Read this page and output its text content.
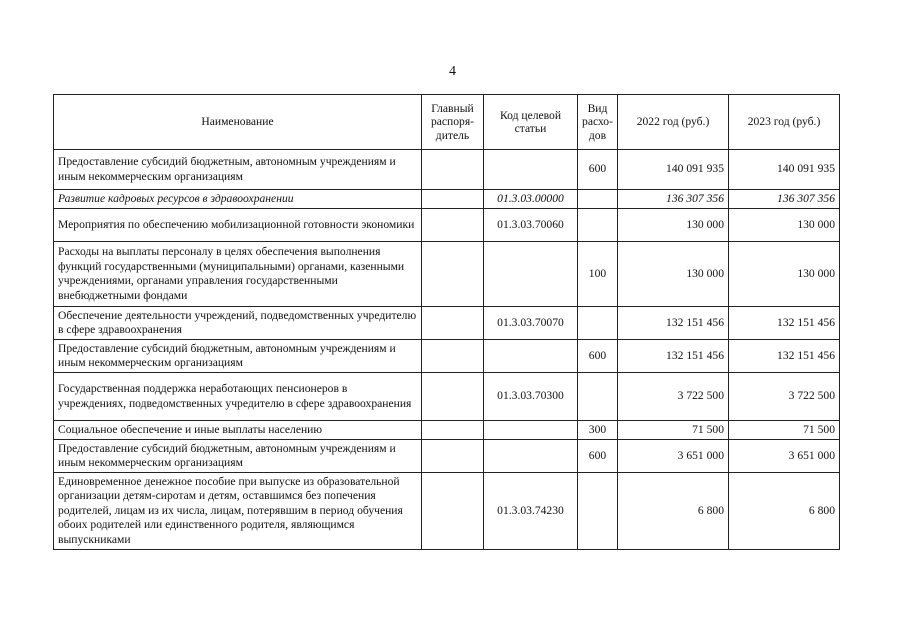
4
Наименование	Главный распоря-дитель	Код целевой статьи	Вид расхо-дов	2022 год (руб.)	2023 год (руб.)
Предоставление субсидий бюджетным, автономным учреждениям и иным некоммерческим организациям			600	140 091 935	140 091 935
Развитие кадровых ресурсов в здравоохранении		01.3.03.00000		136 307 356	136 307 356
Мероприятия по обеспечению мобилизационной готовности экономики		01.3.03.70060		130 000	130 000
Расходы на выплаты персоналу в целях обеспечения выполнения функций государственными (муниципальными) органами, казенными учреждениями, органами управления государственными внебюджетными фондами			100	130 000	130 000
Обеспечение деятельности учреждений, подведомственных учредителю в сфере здравоохранения		01.3.03.70070		132 151 456	132 151 456
Предоставление субсидий бюджетным, автономным учреждениям и иным некоммерческим организациям			600	132 151 456	132 151 456
Государственная поддержка неработающих пенсионеров в учреждениях, подведомственных учредителю в сфере здравоохранения		01.3.03.70300		3 722 500	3 722 500
Социальное обеспечение и иные выплаты населению			300	71 500	71 500
Предоставление субсидий бюджетным, автономным учреждениям и иным некоммерческим организациям			600	3 651 000	3 651 000
Единовременное денежное пособие при выпуске из образовательной организации детям-сиротам и детям, оставшимся без попечения родителей, лицам из их числа, лицам, потерявшим в период обучения обоих родителей или единственного родителя, являющимся выпускниками		01.3.03.74230		6 800	6 800
